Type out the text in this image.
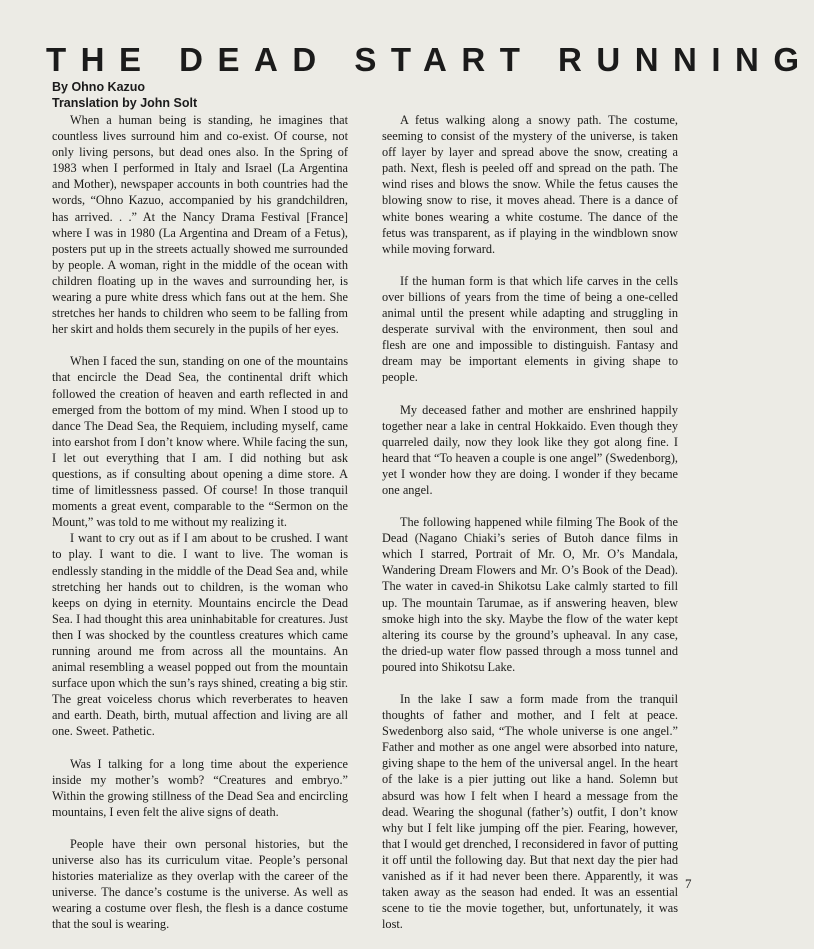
THE DEAD START RUNNING
By Ohno Kazuo
Translation by John Solt

When a human being is standing, he imagines that countless lives surround him and co-exist. Of course, not only living persons, but dead ones also. In the Spring of 1983 when I performed in Italy and Israel (La Argentina and Mother), newspaper accounts in both countries had the words, “Ohno Kazuo, accompanied by his grandchildren, has arrived. . .” At the Nancy Drama Festival [France] where I was in 1980 (La Argentina and Dream of a Fetus), posters put up in the streets actually showed me surrounded by people. A woman, right in the middle of the ocean with children floating up in the waves and surrounding her, is wearing a pure white dress which fans out at the hem. She stretches her hands to children who seem to be falling from her skirt and holds them securely in the pupils of her eyes.

When I faced the sun, standing on one of the mountains that encircle the Dead Sea, the continental drift which followed the creation of heaven and earth reflected in and emerged from the bottom of my mind. When I stood up to dance The Dead Sea, the Requiem, including myself, came into earshot from I don’t know where. While facing the sun, I let out everything that I am. I did nothing but ask questions, as if consulting about opening a dime store. A time of limitlessness passed. Of course! In those tranquil moments a great event, comparable to the “Sermon on the Mount,” was told to me without my realizing it.

I want to cry out as if I am about to be crushed. I want to play. I want to die. I want to live. The woman is endlessly standing in the middle of the Dead Sea and, while stretching her hands out to children, is the woman who keeps on dying in eternity. Mountains encircle the Dead Sea. I had thought this area uninhabitable for creatures. Just then I was shocked by the countless creatures which came running around me from across all the mountains. An animal resembling a weasel popped out from the mountain surface upon which the sun’s rays shined, creating a big stir. The great voiceless chorus which reverberates to heaven and earth. Death, birth, mutual affection and living are all one. Sweet. Pathetic.

Was I talking for a long time about the experience inside my mother’s womb? “Creatures and embryo.” Within the growing stillness of the Dead Sea and encircling mountains, I even felt the alive signs of death.

People have their own personal histories, but the universe also has its curriculum vitae. People’s personal histories materialize as they overlap with the career of the universe. The dance’s costume is the universe. As well as wearing a costume over flesh, the flesh is a dance costume that the soul is wearing.

A fetus walking along a snowy path. The costume, seeming to consist of the mystery of the universe, is taken off layer by layer and spread above the snow, creating a path. Next, flesh is peeled off and spread on the path. The wind rises and blows the snow. While the fetus causes the blowing snow to rise, it moves ahead. There is a dance of white bones wearing a white costume. The dance of the fetus was transparent, as if playing in the windblown snow while moving forward.

If the human form is that which life carves in the cells over billions of years from the time of being a one-celled animal until the present while adapting and struggling in desperate survival with the environment, then soul and flesh are one and impossible to distinguish. Fantasy and dream may be important elements in giving shape to people.

My deceased father and mother are enshrined happily together near a lake in central Hokkaido. Even though they quarreled daily, now they look like they got along fine. I heard that “To heaven a couple is one angel” (Swedenborg), yet I wonder how they are doing. I wonder if they became one angel.

The following happened while filming The Book of the Dead (Nagano Chiaki’s series of Butoh dance films in which I starred, Portrait of Mr. O, Mr. O’s Mandala, Wandering Dream Flowers and Mr. O’s Book of the Dead). The water in caved-in Shikotsu Lake calmly started to fill up. The mountain Tarumae, as if answering heaven, blew smoke high into the sky. Maybe the flow of the water kept altering its course by the ground’s upheaval. In any case, the dried-up water flow passed through a moss tunnel and poured into Shikotsu Lake.

In the lake I saw a form made from the tranquil thoughts of father and mother, and I felt at peace. Swedenborg also said, “The whole universe is one angel.” Father and mother as one angel were absorbed into nature, giving shape to the hem of the universal angel. In the heart of the lake is a pier jutting out like a hand. Solemn but absurd was how I felt when I heard a message from the dead. Wearing the shogunal (father’s) outfit, I don’t know why but I felt like jumping off the pier. Fearing, however, that I would get drenched, I reconsidered in favor of putting it off until the following day. But that next day the pier had vanished as if it had never been there. Apparently, it was taken away as the season had ended. It was an essential scene to tie the movie together, but, unfortunately, it was lost.

7
